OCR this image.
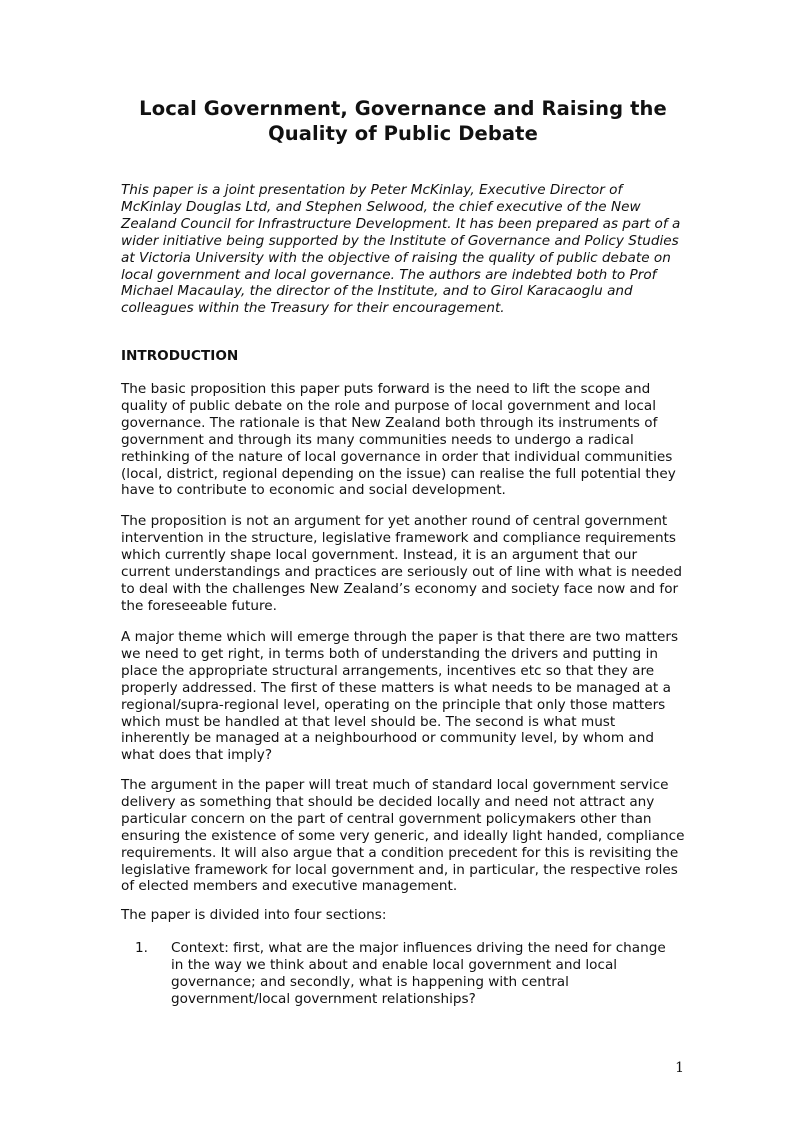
Local Government, Governance and Raising the
Quality of Public Debate
This paper is a joint presentation by Peter McKinlay, Executive Director of
McKinlay Douglas Ltd, and Stephen Selwood, the chief executive of the New
Zealand Council for Infrastructure Development. It has been prepared as part of a
wider initiative being supported by the Institute of Governance and Policy Studies
at Victoria University with the objective of raising the quality of public debate on
local government and local governance. The authors are indebted both to Prof
Michael Macaulay, the director of the Institute, and to Girol Karacaoglu and
colleagues within the Treasury for their encouragement.
INTRODUCTION
The basic proposition this paper puts forward is the need to lift the scope and
quality of public debate on the role and purpose of local government and local
governance. The rationale is that New Zealand both through its instruments of
government and through its many communities needs to undergo a radical
rethinking of the nature of local governance in order that individual communities
(local, district, regional depending on the issue) can realise the full potential they
have to contribute to economic and social development.
The proposition is not an argument for yet another round of central government
intervention in the structure, legislative framework and compliance requirements
which currently shape local government. Instead, it is an argument that our
current understandings and practices are seriously out of line with what is needed
to deal with the challenges New Zealand’s economy and society face now and for
the foreseeable future.
A major theme which will emerge through the paper is that there are two matters
we need to get right, in terms both of understanding the drivers and putting in
place the appropriate structural arrangements, incentives etc so that they are
properly addressed. The first of these matters is what needs to be managed at a
regional/supra-regional level, operating on the principle that only those matters
which must be handled at that level should be. The second is what must
inherently be managed at a neighbourhood or community level, by whom and
what does that imply?
The argument in the paper will treat much of standard local government service
delivery as something that should be decided locally and need not attract any
particular concern on the part of central government policymakers other than
ensuring the existence of some very generic, and ideally light handed, compliance
requirements. It will also argue that a condition precedent for this is revisiting the
legislative framework for local government and, in particular, the respective roles
of elected members and executive management.
The paper is divided into four sections:
1. Context: first, what are the major influences driving the need for change
in the way we think about and enable local government and local
governance; and secondly, what is happening with central
government/local government relationships?
1
